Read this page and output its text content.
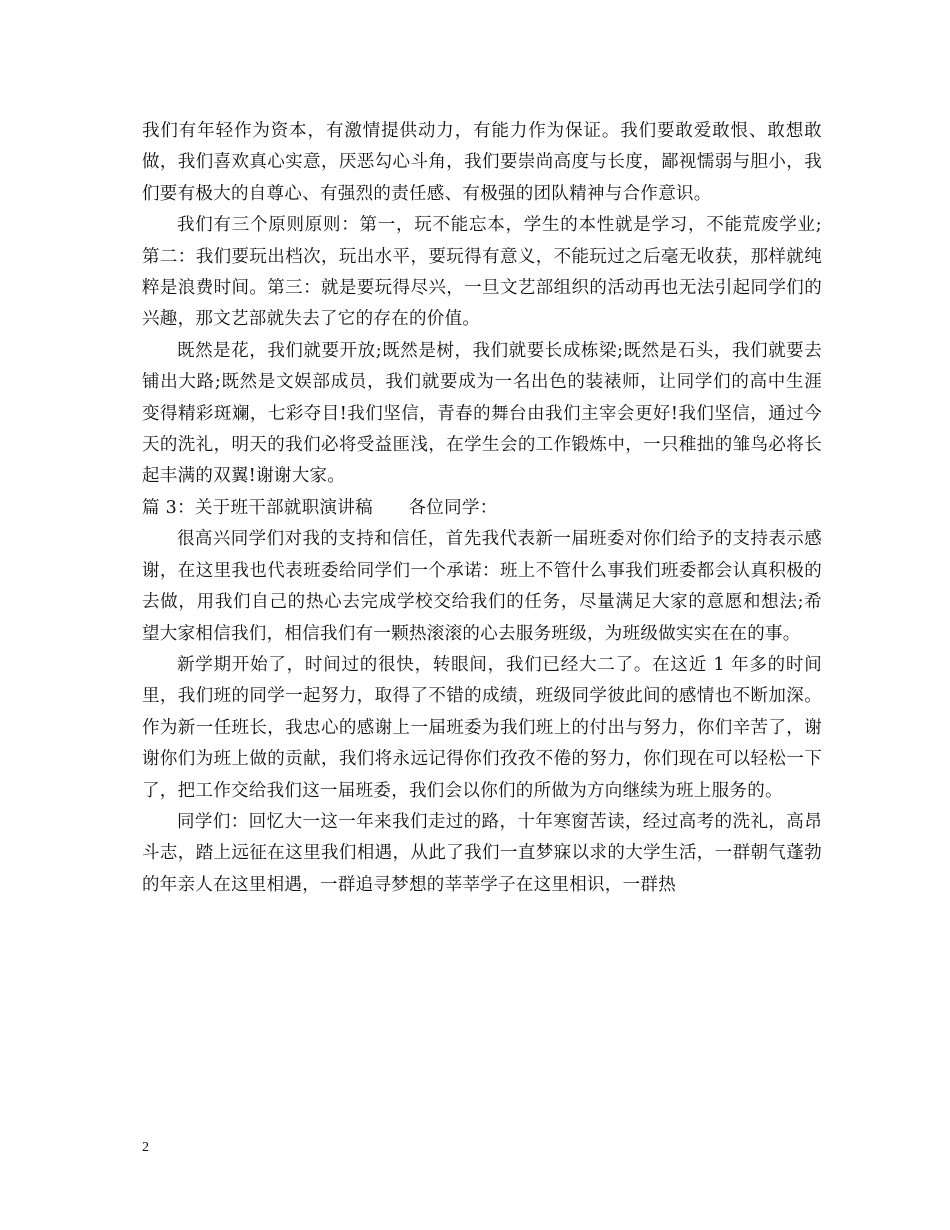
我们有年轻作为资本，有激情提供动力，有能力作为保证。我们要敢爱敢恨、敢想敢做，我们喜欢真心实意，厌恶勾心斗角，我们要崇尚高度与长度，鄙视懦弱与胆小，我们要有极大的自尊心、有强烈的责任感、有极强的团队精神与合作意识。

我们有三个原则原则：第一，玩不能忘本，学生的本性就是学习，不能荒废学业;第二：我们要玩出档次，玩出水平，要玩得有意义，不能玩过之后毫无收获，那样就纯粹是浪费时间。第三：就是要玩得尽兴，一旦文艺部组织的活动再也无法引起同学们的兴趣，那文艺部就失去了它的存在的价值。

既然是花，我们就要开放;既然是树，我们就要长成栋梁;既然是石头，我们就要去铺出大路;既然是文娱部成员，我们就要成为一名出色的装裱师，让同学们的高中生涯变得精彩斑斓，七彩夺目!我们坚信，青春的舞台由我们主宰会更好!我们坚信，通过今天的洗礼，明天的我们必将受益匪浅，在学生会的工作锻炼中，一只稚拙的雏鸟必将长起丰满的双翼!谢谢大家。

篇 3：关于班干部就职演讲稿　　各位同学：

很高兴同学们对我的支持和信任，首先我代表新一届班委对你们给予的支持表示感谢，在这里我也代表班委给同学们一个承诺：班上不管什么事我们班委都会认真积极的去做，用我们自己的热心去完成学校交给我们的任务，尽量满足大家的意愿和想法;希望大家相信我们，相信我们有一颗热滚滚的心去服务班级，为班级做实实在在的事。

新学期开始了，时间过的很快，转眼间，我们已经大二了。在这近 1 年多的时间里，我们班的同学一起努力，取得了不错的成绩，班级同学彼此间的感情也不断加深。作为新一任班长，我忠心的感谢上一届班委为我们班上的付出与努力，你们辛苦了，谢谢你们为班上做的贡献，我们将永远记得你们孜孜不倦的努力，你们现在可以轻松一下了，把工作交给我们这一届班委，我们会以你们的所做为方向继续为班上服务的。

同学们：回忆大一这一年来我们走过的路，十年寒窗苦读，经过高考的洗礼，高昂斗志，踏上远征在这里我们相遇，从此了我们一直梦寐以求的大学生活，一群朝气蓬勃的年亲人在这里相遇，一群追寻梦想的莘莘学子在这里相识，一群热

2
